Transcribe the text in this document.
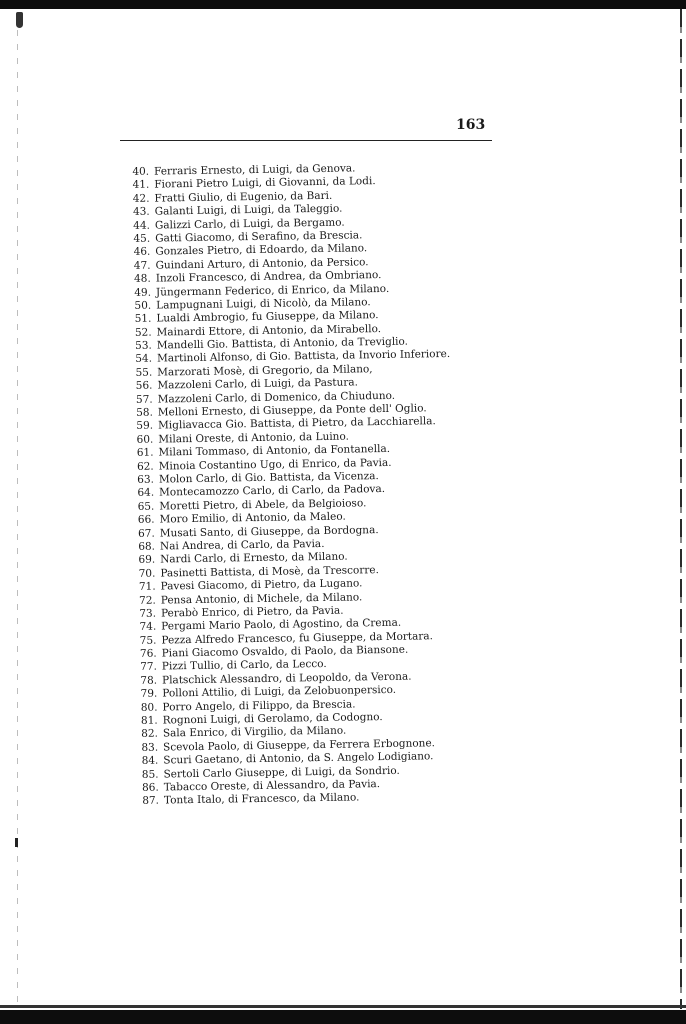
163
40. Ferraris Ernesto, di Luigi, da Genova.
41. Fiorani Pietro Luigi, di Giovanni, da Lodi.
42. Fratti Giulio, di Eugenio, da Bari.
43. Galanti Luigi, di Luigi, da Taleggio.
44. Galizzi Carlo, di Luigi, da Bergamo.
45. Gatti Giacomo, di Serafino, da Brescia.
46. Gonzales Pietro, di Edoardo, da Milano.
47. Guindani Arturo, di Antonio, da Persico.
48. Inzoli Francesco, di Andrea, da Ombriano.
49. Jüngermann Federico, di Enrico, da Milano.
50. Lampugnani Luigi, di Nicolò, da Milano.
51. Lualdi Ambrogio, fu Giuseppe, da Milano.
52. Mainardi Ettore, di Antonio, da Mirabello.
53. Mandelli Gio. Battista, di Antonio, da Treviglio.
54. Martinoli Alfonso, di Gio. Battista, da Invorio Inferiore.
55. Marzorati Mosè, di Gregorio, da Milano,
56. Mazzoleni Carlo, di Luigi, da Pastura.
57. Mazzoleni Carlo, di Domenico, da Chiuduno.
58. Melloni Ernesto, di Giuseppe, da Ponte dell' Oglio.
59. Migliavacca Gio. Battista, di Pietro, da Lacchiarella.
60. Milani Oreste, di Antonio, da Luino.
61. Milani Tommaso, di Antonio, da Fontanella.
62. Minoia Costantino Ugo, di Enrico, da Pavia.
63. Molon Carlo, di Gio. Battista, da Vicenza.
64. Montecamozzo Carlo, di Carlo, da Padova.
65. Moretti Pietro, di Abele, da Belgioioso.
66. Moro Emilio, di Antonio, da Maleo.
67. Musati Santo, di Giuseppe, da Bordogna.
68. Nai Andrea, di Carlo, da Pavia.
69. Nardi Carlo, di Ernesto, da Milano.
70. Pasinetti Battista, di Mosè, da Trescorre.
71. Pavesi Giacomo, di Pietro, da Lugano.
72. Pensa Antonio, di Michele, da Milano.
73. Perabò Enrico, di Pietro, da Pavia.
74. Pergami Mario Paolo, di Agostino, da Crema.
75. Pezza Alfredo Francesco, fu Giuseppe, da Mortara.
76. Piani Giacomo Osvaldo, di Paolo, da Biansone.
77. Pizzi Tullio, di Carlo, da Lecco.
78. Platschick Alessandro, di Leopoldo, da Verona.
79. Polloni Attilio, di Luigi, da Zelobuonpersico.
80. Porro Angelo, di Filippo, da Brescia.
81. Rognoni Luigi, di Gerolamo, da Codogno.
82. Sala Enrico, di Virgilio, da Milano.
83. Scevola Paolo, di Giuseppe, da Ferrera Erbognone.
84. Scuri Gaetano, di Antonio, da S. Angelo Lodigiano.
85. Sertoli Carlo Giuseppe, di Luigi, da Sondrio.
86. Tabacco Oreste, di Alessandro, da Pavia.
87. Tonta Italo, di Francesco, da Milano.
